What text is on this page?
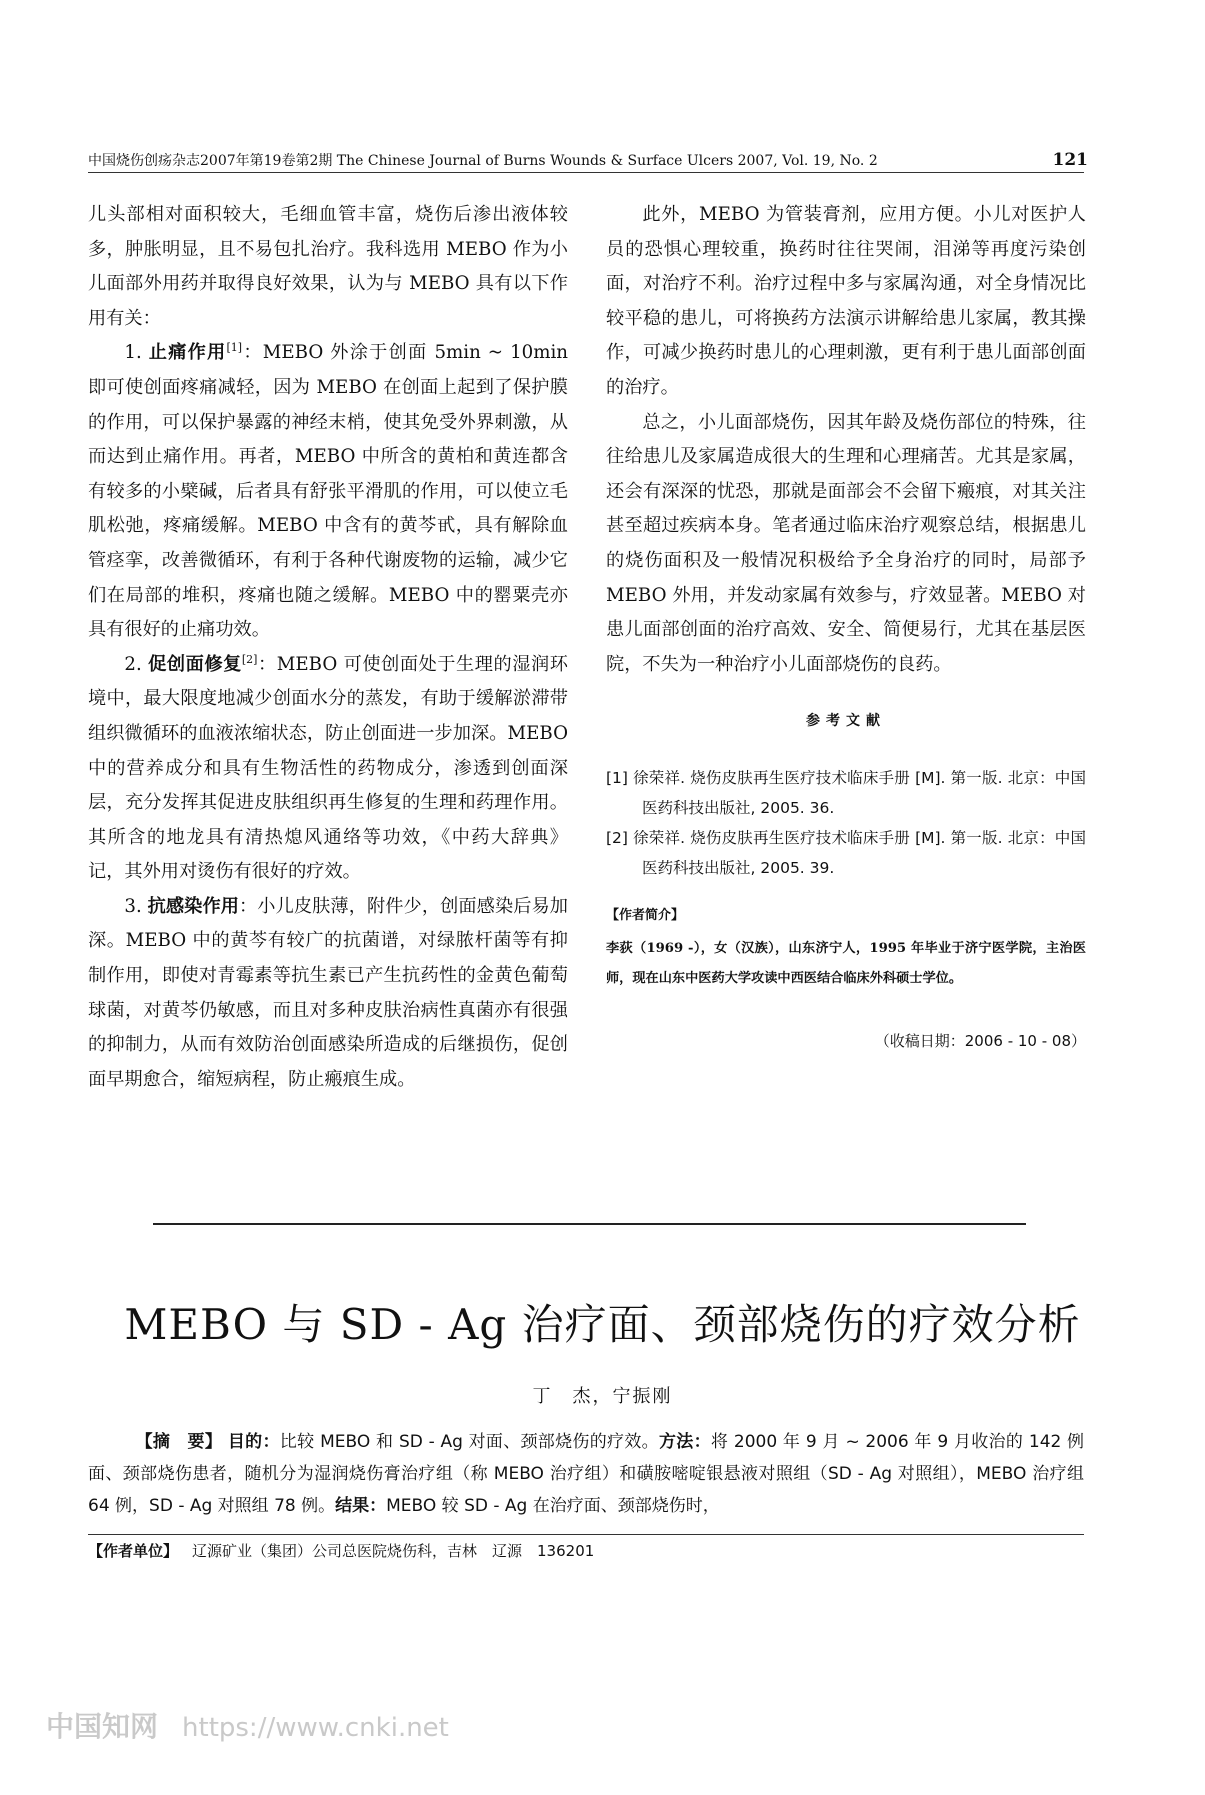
中国烧伤创疡杂志2007年第19卷第2期 The Chinese Journal of Burns Wounds & Surface Ulcers 2007, Vol. 19, No. 2	121

儿头部相对面积较大，毛细血管丰富，烧伤后渗出液体较多，肿胀明显，且不易包扎治疗。我科选用 MEBO 作为小儿面部外用药并取得良好效果，认为与 MEBO 具有以下作用有关：

1. 止痛作用[1]：MEBO 外涂于创面 5min ~ 10min 即可使创面疼痛减轻，因为 MEBO 在创面上起到了保护膜的作用，可以保护暴露的神经末梢，使其免受外界刺激，从而达到止痛作用。再者，MEBO 中所含的黄柏和黄连都含有较多的小檗碱，后者具有舒张平滑肌的作用，可以使立毛肌松弛，疼痛缓解。MEBO 中含有的黄芩甙，具有解除血管痉挛，改善微循环，有利于各种代谢废物的运输，减少它们在局部的堆积，疼痛也随之缓解。MEBO 中的罂粟壳亦具有很好的止痛功效。

2. 促创面修复[2]：MEBO 可使创面处于生理的湿润环境中，最大限度地减少创面水分的蒸发，有助于缓解淤滞带组织微循环的血液浓缩状态，防止创面进一步加深。MEBO 中的营养成分和具有生物活性的药物成分，渗透到创面深层，充分发挥其促进皮肤组织再生修复的生理和药理作用。其所含的地龙具有清热熄风通络等功效，《中药大辞典》记，其外用对烫伤有很好的疗效。

3. 抗感染作用：小儿皮肤薄，附件少，创面感染后易加深。MEBO 中的黄芩有较广的抗菌谱，对绿脓杆菌等有抑制作用，即使对青霉素等抗生素已产生抗药性的金黄色葡萄球菌，对黄芩仍敏感，而且对多种皮肤治病性真菌亦有很强的抑制力，从而有效防治创面感染所造成的后继损伤，促创面早期愈合，缩短病程，防止瘢痕生成。

此外，MEBO 为管装膏剂，应用方便。小儿对医护人员的恐惧心理较重，换药时往往哭闹，泪涕等再度污染创面，对治疗不利。治疗过程中多与家属沟通，对全身情况比较平稳的患儿，可将换药方法演示讲解给患儿家属，教其操作，可减少换药时患儿的心理刺激，更有利于患儿面部创面的治疗。

总之，小儿面部烧伤，因其年龄及烧伤部位的特殊，往往给患儿及家属造成很大的生理和心理痛苦。尤其是家属，还会有深深的忧恐，那就是面部会不会留下瘢痕，对其关注甚至超过疾病本身。笔者通过临床治疗观察总结，根据患儿的烧伤面积及一般情况积极给予全身治疗的同时，局部予 MEBO 外用，并发动家属有效参与，疗效显著。MEBO 对患儿面部创面的治疗高效、安全、简便易行，尤其在基层医院，不失为一种治疗小儿面部烧伤的良药。

参考文献

[1] 徐荣祥. 烧伤皮肤再生医疗技术临床手册 [M]. 第一版. 北京：中国医药科技出版社, 2005. 36.

[2] 徐荣祥. 烧伤皮肤再生医疗技术临床手册 [M]. 第一版. 北京：中国医药科技出版社, 2005. 39.

【作者简介】

李荻（1969 -），女（汉族），山东济宁人，1995 年毕业于济宁医学院，主治医师，现在山东中医药大学攻读中西医结合临床外科硕士学位。

（收稿日期：2006 - 10 - 08）
MEBO 与 SD - Ag 治疗面、颈部烧伤的疗效分析
丁　杰，宁振刚

【摘　要】 目的：比较 MEBO 和 SD - Ag 对面、颈部烧伤的疗效。方法：将 2000 年 9 月 ~ 2006 年 9 月收治的 142 例面、颈部烧伤患者，随机分为湿润烧伤膏治疗组（称 MEBO 治疗组）和磺胺嘧啶银悬液对照组（SD - Ag 对照组），MEBO 治疗组 64 例，SD - Ag 对照组 78 例。结果：MEBO 较 SD - Ag 在治疗面、颈部烧伤时，

【作者单位】 辽源矿业（集团）公司总医院烧伤科，吉林　辽源　136201
中国知网 https://www.cnki.net
